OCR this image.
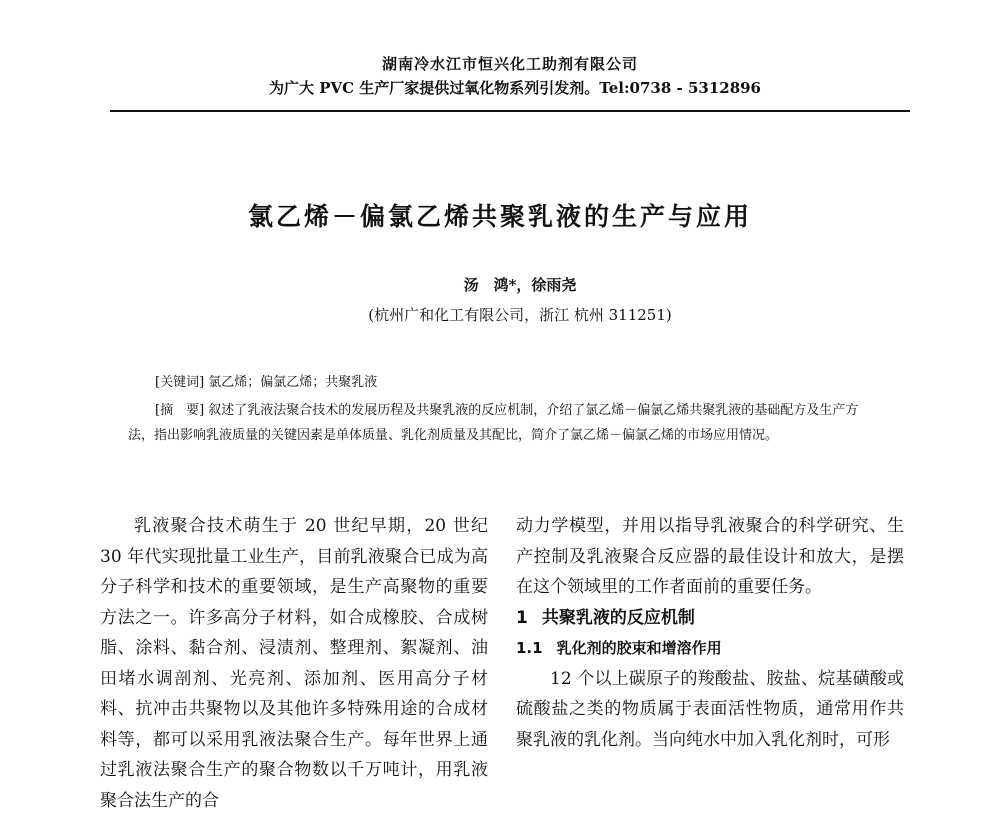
湖南冷水江市恒兴化工助剂有限公司
为广大 PVC 生产厂家提供过氧化物系列引发剂。Tel:0738 - 5312896
氯乙烯－偏氯乙烯共聚乳液的生产与应用
汤　鸿*，徐雨尧
(杭州广和化工有限公司，浙江 杭州 311251)
[关键词] 氯乙烯；偏氯乙烯；共聚乳液

[摘　要] 叙述了乳液法聚合技术的发展历程及共聚乳液的反应机制，介绍了氯乙烯－偏氯乙烯共聚乳液的基础配方及生产方法，指出影响乳液质量的关键因素是单体质量、乳化剂质量及其配比，简介了氯乙烯－偏氯乙烯的市场应用情况。

乳液聚合技术萌生于 20 世纪早期，20 世纪 30 年代实现批量工业生产，目前乳液聚合已成为高分子科学和技术的重要领域，是生产高聚物的重要方法之一。许多高分子材料，如合成橡胶、合成树脂、涂料、黏合剂、浸渍剂、整理剂、絮凝剂、油田堵水调剖剂、光亮剂、添加剂、医用高分子材料、抗冲击共聚物以及其他许多特殊用途的合成材料等，都可以采用乳液法聚合生产。每年世界上通过乳液法聚合生产的聚合物数以千万吨计，用乳液聚合法生产的合

动力学模型，并用以指导乳液聚合的科学研究、生产控制及乳液聚合反应器的最佳设计和放大，是摆在这个领域里的工作者面前的重要任务。

1 共聚乳液的反应机制
1.1 乳化剂的胶束和增溶作用

12 个以上碳原子的羧酸盐、胺盐、烷基磺酸或硫酸盐之类的物质属于表面活性物质，通常用作共聚乳液的乳化剂。当向纯水中加入乳化剂时，可形
